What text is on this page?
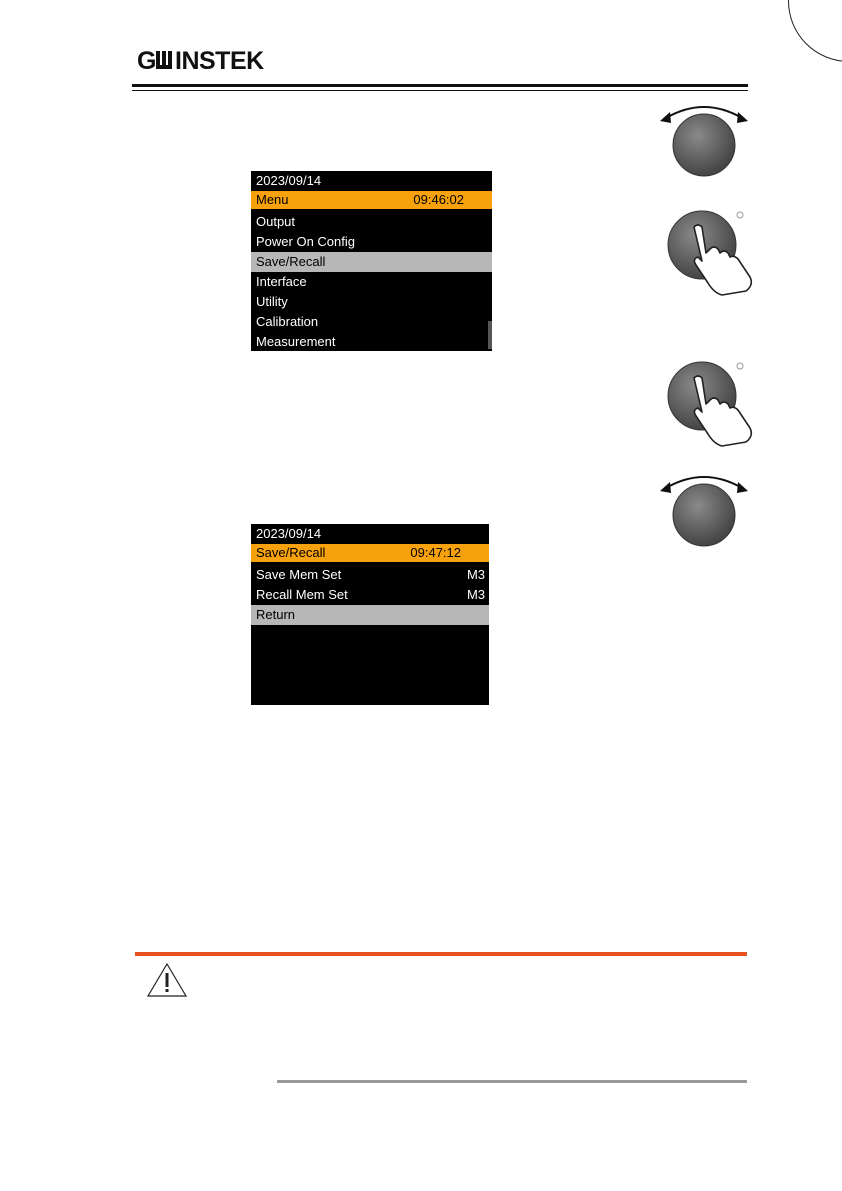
G INSTEK
2023/09/14
Menu	09:46:02
Output
Power On Config
Save/Recall
Interface
Utility
Calibration
Measurement
2023/09/14
Save/Recall	09:47:12
Save Mem Set	M3
Recall Mem Set	M3
Return
